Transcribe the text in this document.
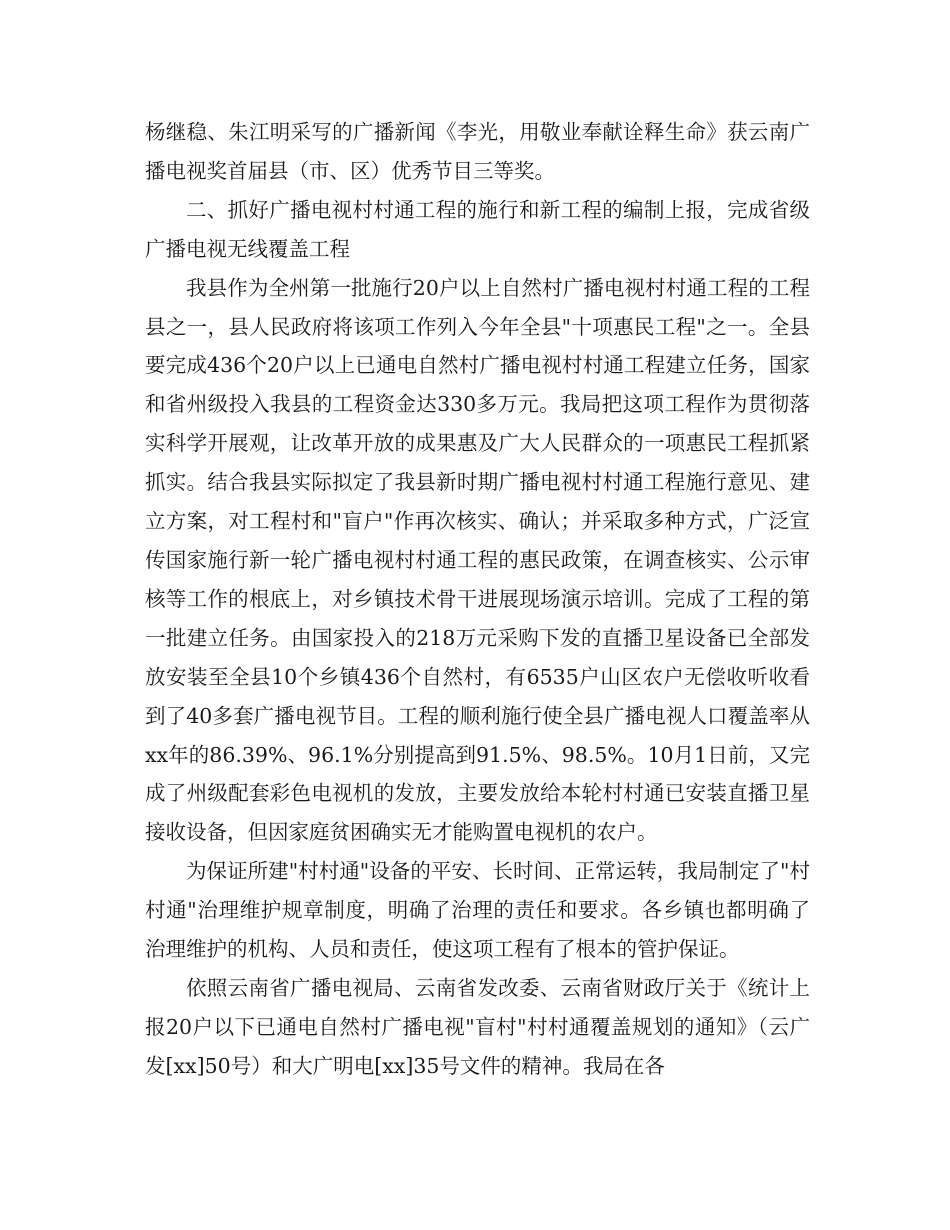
杨继稳、朱江明采写的广播新闻《李光，用敬业奉献诠释生命》获云南广播电视奖首届县（市、区）优秀节目三等奖。

二、抓好广播电视村村通工程的施行和新工程的编制上报，完成省级广播电视无线覆盖工程

我县作为全州第一批施行20户以上自然村广播电视村村通工程的工程县之一，县人民政府将该项工作列入今年全县"十项惠民工程"之一。全县要完成436个20户以上已通电自然村广播电视村村通工程建立任务，国家和省州级投入我县的工程资金达330多万元。我局把这项工程作为贯彻落实科学开展观，让改革开放的成果惠及广大人民群众的一项惠民工程抓紧抓实。结合我县实际拟定了我县新时期广播电视村村通工程施行意见、建立方案，对工程村和"盲户"作再次核实、确认；并采取多种方式，广泛宣传国家施行新一轮广播电视村村通工程的惠民政策，在调查核实、公示审核等工作的根底上，对乡镇技术骨干进展现场演示培训。完成了工程的第一批建立任务。由国家投入的218万元采购下发的直播卫星设备已全部发放安装至全县10个乡镇436个自然村，有6535户山区农户无偿收听收看到了40多套广播电视节目。工程的顺利施行使全县广播电视人口覆盖率从xx年的86.39%、96.1%分别提高到91.5%、98.5%。10月1日前，又完成了州级配套彩色电视机的发放，主要发放给本轮村村通已安装直播卫星接收设备，但因家庭贫困确实无才能购置电视机的农户。

为保证所建"村村通"设备的平安、长时间、正常运转，我局制定了"村村通"治理维护规章制度，明确了治理的责任和要求。各乡镇也都明确了治理维护的机构、人员和责任，使这项工程有了根本的管护保证。

依照云南省广播电视局、云南省发改委、云南省财政厅关于《统计上报20户以下已通电自然村广播电视"盲村"村村通覆盖规划的通知》（云广发[xx]50号）和大广明电[xx]35号文件的精神。我局在各
